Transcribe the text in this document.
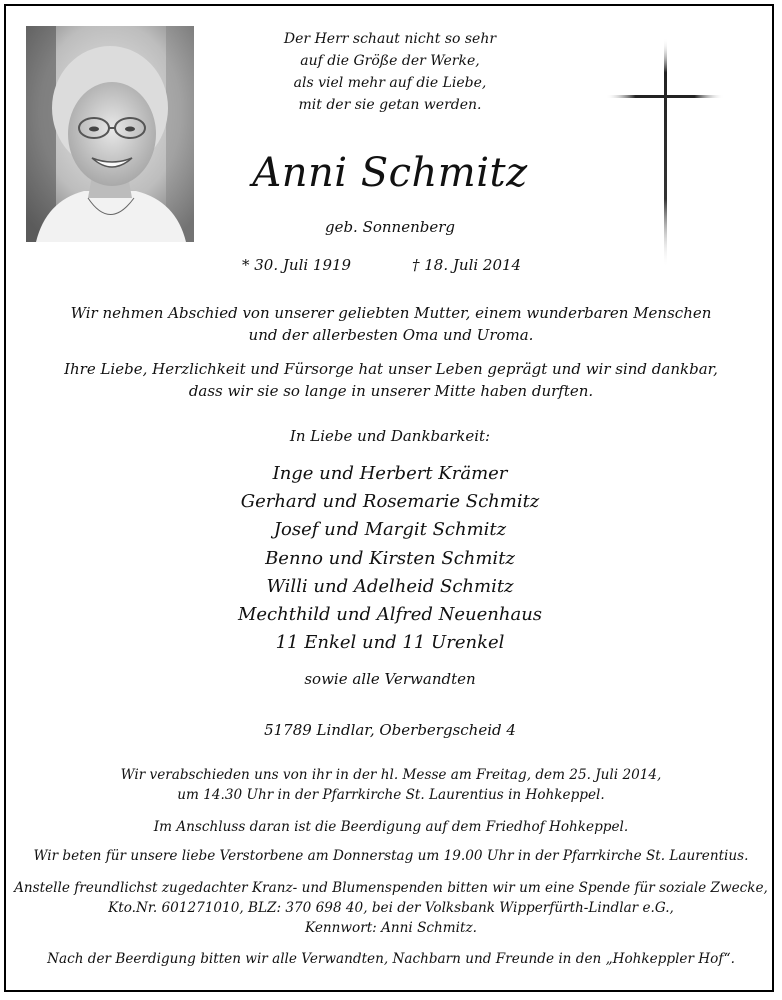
Der Herr schaut nicht so sehr
auf die Größe der Werke,
als viel mehr auf die Liebe,
mit der sie getan werden.
Anni Schmitz
geb. Sonnenberg
* 30. Juli 1919	† 18. Juli 2014
Wir nehmen Abschied von unserer geliebten Mutter, einem wunderbaren Menschen
und der allerbesten Oma und Uroma.
Ihre Liebe, Herzlichkeit und Fürsorge hat unser Leben geprägt und wir sind dankbar,
dass wir sie so lange in unserer Mitte haben durften.
In Liebe und Dankbarkeit:
Inge und Herbert Krämer
Gerhard und Rosemarie Schmitz
Josef und Margit Schmitz
Benno und Kirsten Schmitz
Willi und Adelheid Schmitz
Mechthild und Alfred Neuenhaus
11 Enkel und 11 Urenkel
sowie alle Verwandten
51789 Lindlar, Oberbergscheid 4
Wir verabschieden uns von ihr in der hl. Messe am Freitag, dem 25. Juli 2014,
um 14.30 Uhr in der Pfarrkirche St. Laurentius in Hohkeppel.
Im Anschluss daran ist die Beerdigung auf dem Friedhof Hohkeppel.
Wir beten für unsere liebe Verstorbene am Donnerstag um 19.00 Uhr in der Pfarrkirche St. Laurentius.
Anstelle freundlichst zugedachter Kranz- und Blumenspenden bitten wir um eine Spende für soziale Zwecke,
Kto.Nr. 601271010, BLZ: 370 698 40, bei der Volksbank Wipperfürth-Lindlar e.G.,
Kennwort: Anni Schmitz.
Nach der Beerdigung bitten wir alle Verwandten, Nachbarn und Freunde in den „Hohkeppler Hof“.
